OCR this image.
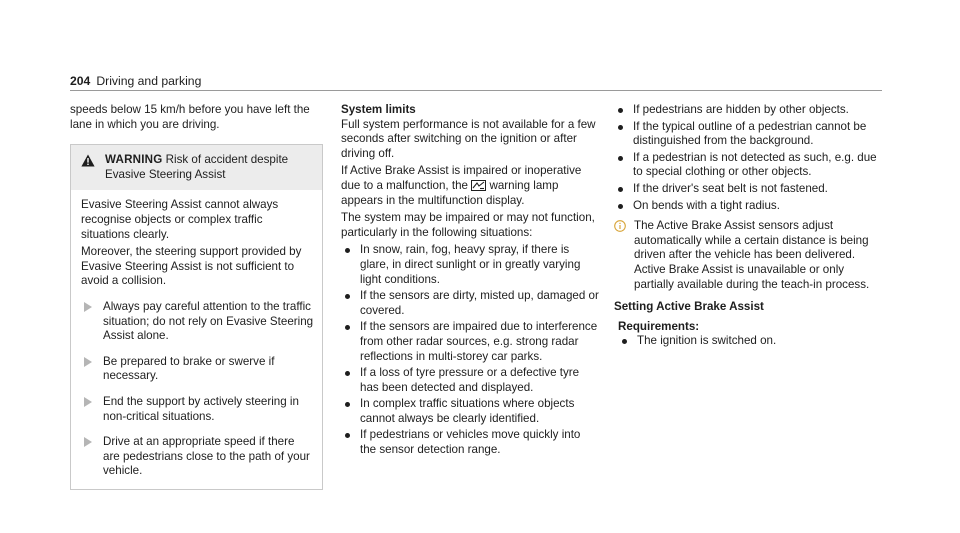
204 Driving and parking

speeds below 15 km/h before you have left the lane in which you are driving.

WARNING Risk of accident despite Evasive Steering Assist

Evasive Steering Assist cannot always recognise objects or complex traffic situations clearly.

Moreover, the steering support provided by Evasive Steering Assist is not sufficient to avoid a collision.

Always pay careful attention to the traffic situation; do not rely on Evasive Steering Assist alone.
Be prepared to brake or swerve if necessary.
End the support by actively steering in non-critical situations.
Drive at an appropriate speed if there are pedestrians close to the path of your vehicle.
System limits

Full system performance is not available for a few seconds after switching on the ignition or after driving off.

If Active Brake Assist is impaired or inoperative due to a malfunction, the warning lamp appears in the multifunction display.

The system may be impaired or may not function, particularly in the following situations:

In snow, rain, fog, heavy spray, if there is glare, in direct sunlight or in greatly varying light conditions.
If the sensors are dirty, misted up, damaged or covered.
If the sensors are impaired due to interference from other radar sources, e.g. strong radar reflections in multi-storey car parks.
If a loss of tyre pressure or a defective tyre has been detected and displayed.
In complex traffic situations where objects cannot always be clearly identified.
If pedestrians or vehicles move quickly into the sensor detection range.
If pedestrians are hidden by other objects.
If the typical outline of a pedestrian cannot be distinguished from the background.
If a pedestrian is not detected as such, e.g. due to special clothing or other objects.
If the driver's seat belt is not fastened.
On bends with a tight radius.
The Active Brake Assist sensors adjust automatically while a certain distance is being driven after the vehicle has been delivered. Active Brake Assist is unavailable or only partially available during the teach-in process.
Setting Active Brake Assist
Requirements:
The ignition is switched on.
